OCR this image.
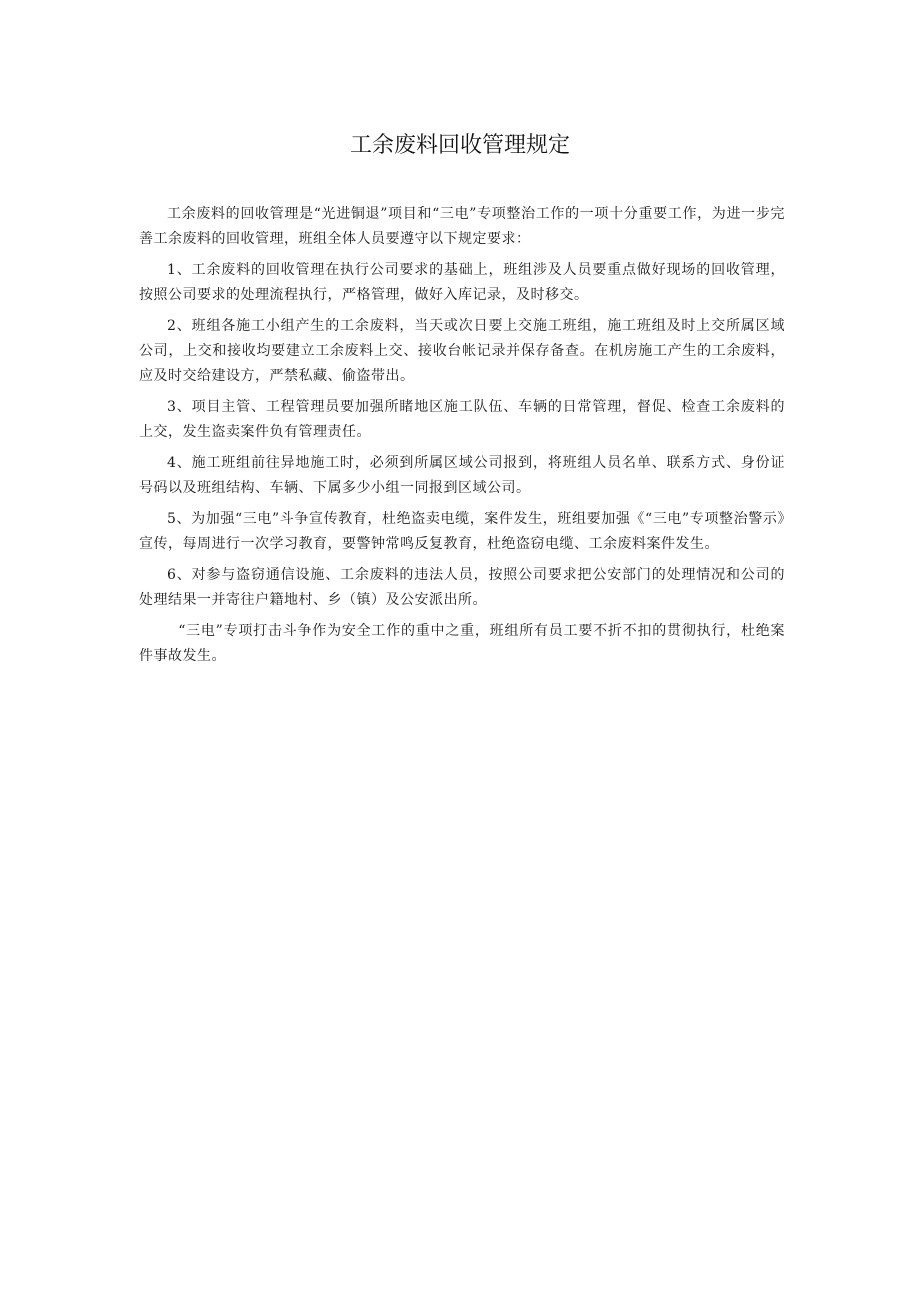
工余废料回收管理规定

工余废料的回收管理是“光进铜退”项目和“三电”专项整治工作的一项十分重要工作，为进一步完善工余废料的回收管理，班组全体人员要遵守以下规定要求：

1、工余废料的回收管理在执行公司要求的基础上，班组涉及人员要重点做好现场的回收管理，按照公司要求的处理流程执行，严格管理，做好入库记录，及时移交。

2、班组各施工小组产生的工余废料，当天或次日要上交施工班组，施工班组及时上交所属区域公司，上交和接收均要建立工余废料上交、接收台帐记录并保存备查。在机房施工产生的工余废料，应及时交给建设方，严禁私藏、偷盗带出。

3、项目主管、工程管理员要加强所睹地区施工队伍、车辆的日常管理，督促、检查工余废料的上交，发生盗卖案件负有管理责任。

4、施工班组前往异地施工时，必须到所属区域公司报到，将班组人员名单、联系方式、身份证号码以及班组结构、车辆、下属多少小组一同报到区域公司。

5、为加强“三电”斗争宣传教育，杜绝盗卖电缆，案件发生，班组要加强《“三电”专项整治警示》宣传，每周进行一次学习教育，要警钟常鸣反复教育，杜绝盗窃电缆、工余废料案件发生。

6、对参与盗窃通信设施、工余废料的违法人员，按照公司要求把公安部门的处理情况和公司的处理结果一并寄往户籍地村、乡（镇）及公安派出所。

“三电”专项打击斗争作为安全工作的重中之重，班组所有员工要不折不扣的贯彻执行，杜绝案件事故发生。
